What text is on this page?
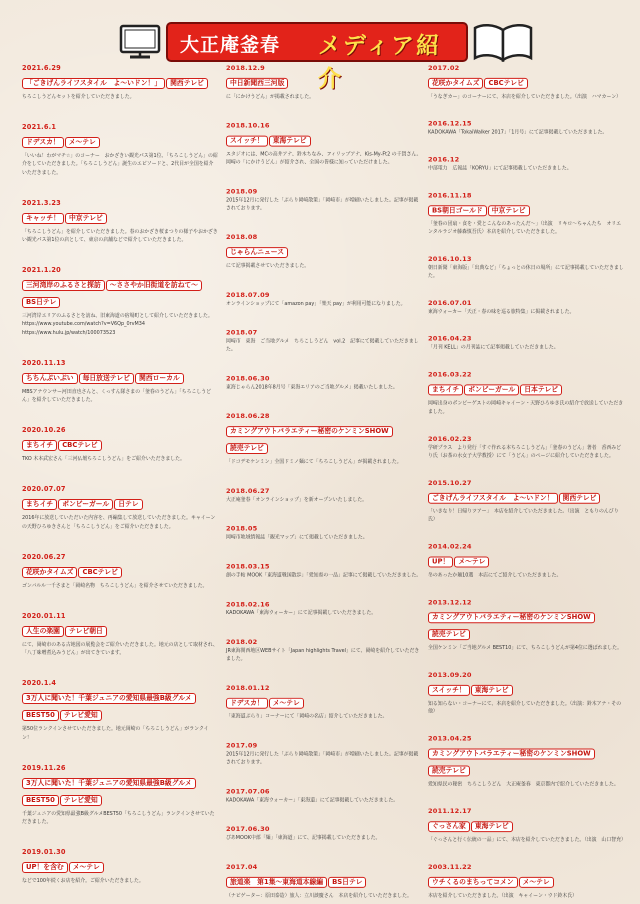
大正庵釜春 メディア紹介

2021.6.29

「ごきげんライフスタイル　よ～いドン！」 関西テレビ

ちろこしうどんセットを紹介していただきました。

2021.6.1

ドデスカ！ メ～テレ

「いいね！わがマチ☆」のコーナー　おかざきい観光パス第1位、「ちろこしうどん」の紹介をしていただきました。「ちろこしうどん」誕生のエピソードと、2代目が全国を紹介いただきました。

2021.3.23

キャッチ！ 中京テレビ

「ちろこしうどん」を紹介していただきました。春のおかざき桜まつりの様子やおかざきい観光パス第1位の店として、東京の店舗などで紹介していただきました。

2021.1.20

三河湾岸のふるさと探訪 ～ささやか旧街道を訪ねて～BS日テレ

三河湾岸エリアのふるさとを訪ね、旧東海道の宿場町として紹介していただきました。https://www.youtube.com/watch?v=V6Qp_0rvM34　https://www.hulu.jp/watch/100073523

2020.11.13

ちちんぷいぷい 毎日放送テレビ 関西ローカル

MBSアナウンサー河田直也さんと、くっすん隊さまの「釜春のうどん」「ちろこしうどん」を紹介していただきました。

2020.10.26

まちイチ CBCテレビ

TKO 木本武宏さん「三河仏壇ちろこしうどん」をご紹介いただきました。

2020.07.07

まちイチ ボンビーガール 日テレ

2016年に放送していただいた内容を、再編集して放送していただきました。キャイーンの天野ひろゆきさんと「ちろこしうどん」をご紹介いただきました。

2020.06.27

花咲かタイムズ CBCテレビ

ゴンバルル一千さまと「岡崎名物　ちろこしうどん」を紹介させていただきました。

2020.01.11

人生の楽園 テレビ朝日

にて、岡崎市のある古地図の展覧会をご紹介いただきました。地元の店として取材され、「八丁味噌煮込みうどん」が出てきています。

2020.1.4

3万人に聞いた！千葉ジュニアの愛知県最強B級グルメBEST50 テレビ愛知

第50位ランクインさせていただきました。地元岡崎の「ちろこしうどん」がランクイン！

2019.11.26

3万人に聞いた！千葉ジュニアの愛知県最強B級グルメBEST50 テレビ愛知

千葉ジュニアの愛知県最強B級グルメBEST50「ちろこしうどん」ランクインさせていただきました。

2019.01.30

UP！を含む メ～テレ

などで100年続くお店を紹介。ご紹介いただきました。

2018.12.9

中日新聞西三河版

に「にかけうどん」が掲載されました。

2018.10.16

スイッチ！ 東海テレビ

スタジオには、MCの高井アナ、鈴木ちなみ、フィリップアナ、Kis-My-Ft2 の千賀さん。岡崎の「にかけうどん」が紹介され、全国の皆様に知っていただけました。

2018.09

2015年12月に発行した「ぶらり岡崎散策」「岡崎市」が増刷いたしました。記事が掲載されております。

2018.08

じゃらんニュース

にて記事掲載させていただきました。

2018.07.09

オンラインショップにて「amazon pay」「楽天 pay」が利用可能になりました。

2018.07

岡崎市　東海　ご当地グルメ　ちろこしうどん　vol.2　記事にて掲載していただきました。

2018.06.30

東海じゃらん2018年8月号「東海エリアのご当地グルメ」掲載いたしました。

2018.06.28

カミングアウトバラエティー秘密のケンミンSHOW読売テレビ

「ドコデモケンミン」全国ドミノ麺にて「ちろこしうどん」が掲載されました。

2018.06.27

大正庵釜春「オンラインショップ」を新オープンいたしました。

2018.05

岡崎市地域情報誌「観光マップ」にて掲載していただきました。

2018.03.15

創の手帖 MOOK「東海道戦国散歩」「愛知県の一品」記事にて掲載していただきました。

2018.02.16

KADOKAWA「東海ウォーカー」にて記事掲載していただきました。

2018.02

JR東海関西地区WEBサイト「Japan highlights Travel」にて、岡崎を紹介していただきました。

2018.01.12

ドデスカ！ メ～テレ

「東海道ぶらり」コーナーにて「岡崎の名店」紹介していただきました。

2017.09

2015年12月に発行した「ぶらり岡崎散策」「岡崎市」が増刷いたしました。記事が掲載されております。

2017.07.06

KADOKAWA「東海ウォーカー」「東海道」にて記事掲載していただきました。

2017.06.30

ぴあMOOK中部「麺」「東海道」にて、記事掲載していただきました。

2017.04

旅道楽　第1集～東海道本線編 BS日テレ

（ナビゲーター：原田泰造）旅人：立川談慶さん　本店を紹介していただきました。

2017.02

花咲かタイムズ CBCテレビ

「うなぎカー」のコーナーにて、本店を紹介していただきました。（出演　ハマカーン）

2016.12.15

KADOKAWA「TokaiWalker 2017」「1月号」にて記事掲載していただきました。

2016.12

中部電力　広報誌「KORYU」にて記事掲載していただきました。

2016.11.18

BS朝日ゴールド 中京テレビ

「釜春の団扇・食を・愛とこんなのあったんだ～」（出演　リキロ〜ちゃんたち　オリエンタルラジオ藤森慎吾氏）本店を紹介していただきました。

2016.10.13

朝日新聞「東海版」「出典など」「ちょっとの休日の場所」にて記事掲載していただきました。

2016.07.01

東海ウォーカー「天正・春の味を巡る旅特集」に掲載されました。

2016.04.23

「月刊 KELL」の月刊誌にて記事掲載していただきました。

2016.03.22

まちイチ ボンビーガール 日本テレビ

岡崎出身のボンビーゲストの岡崎キャイーン・天野ひろゆき氏の紹介で放送していただきました。

2016.02.23

学研プラス　より発行「すぐ作れる本ちろこしうどん」「釜春のうどん」著者　香西みどり氏（お茶の水女子大学教授）にて「うどん」のページに紹介していただきました。

2015.10.27

ごきげんライフスタイル　よ～いドン！ 関西テレビ

「いきなり！日帰りツアー」　本店を紹介していただきました。（出演　ともりのんびり氏）

2014.02.24

UP！ メ～テレ

冬のあったか麺10選　本店にてご紹介していただきました。

2013.12.12

カミングアウトバラエティー秘密のケンミンSHOW読売テレビ

全国ケンミン「ご当地グルメ BEST10」にて、ちろこしうどんが第4位に選ばれました。

2013.09.20

スイッチ！ 東海テレビ

知る知らない・コーナーにて、本店を紹介していただきました。（出演：鈴木アナ・その他）

2013.04.25

カミングアウトバラエティー秘密のケンミンSHOW読売テレビ

愛知県民の秘密　ちろこしうどん　大正庵釜春　東京都内で紹介していただきました。

2011.12.17

ぐっさん家 東海テレビ

「ぐっさんと行く伝統の一品」にて、本店を紹介していただきました。（出演　山口智充）

2003.11.22

ウチくるのまちってコメン メ～テレ

本店を紹介していただきました。（出演　キャイーン・ウド鈴木氏）
